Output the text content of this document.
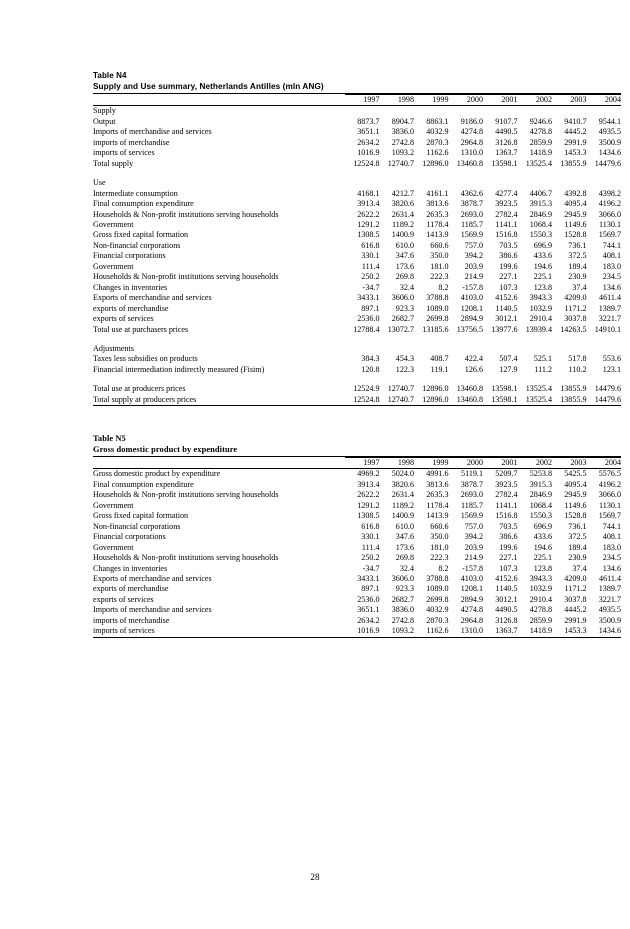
Table N4
Supply and Use summary, Netherlands Antilles (mln ANG)
	1997	1998	1999	2000	2001	2002	2003	2004
Supply								
Output	8873.7	8904.7	8863.1	9186.0	9107.7	9246.6	9410.7	9544.1
Imports of merchandise and services	3651.1	3836.0	4032.9	4274.8	4490.5	4278.8	4445.2	4935.5
imports of merchandise	2634.2	2742.8	2870.3	2964.8	3126.8	2859.9	2991.9	3500.9
imports of services	1016.9	1093.2	1162.6	1310.0	1363.7	1418.9	1453.3	1434.6
Total supply	12524.8	12740.7	12896.0	13460.8	13598.1	13525.4	13855.9	14479.6

Use								
Intermediate consumption	4168.1	4212.7	4161.1	4362.6	4277.4	4406.7	4392.8	4398.2
Final consumption expenditure	3913.4	3820.6	3813.6	3878.7	3923.5	3915.3	4095.4	4196.2
Households & Non-profit institutions serving households	2622.2	2631.4	2635.3	2693.0	2782.4	2846.9	2945.9	3066.0
Government	1291.2	1189.2	1178.4	1185.7	1141.1	1068.4	1149.6	1130.1
Gross fixed capital formation	1308.5	1400.9	1413.9	1569.9	1516.8	1550.3	1528.8	1569.7
Non-financial corporations	616.8	610.0	660.6	757.0	703.5	696.9	736.1	744.1
Financial corporations	330.1	347.6	350.0	394.2	386.6	433.6	372.5	408.1
Government	111.4	173.6	181.0	203.9	199.6	194.6	189.4	183.0
Households & Non-profit institutions serving households	250.2	269.8	222.3	214.9	227.1	225.1	230.9	234.5
Changes in inventories	-34.7	32.4	8.2	-157.8	107.3	123.8	37.4	134.6
Exports of merchandise and services	3433.1	3606.0	3788.8	4103.0	4152.6	3943.3	4209.0	4611.4
exports of merchandise	897.1	923.3	1089.0	1208.1	1140.5	1032.9	1171.2	1389.7
exports of services	2536.0	2682.7	2699.8	2894.9	3012.1	2910.4	3037.8	3221.7
Total use at purchasers prices	12788.4	13072.7	13185.6	13756.5	13977.6	13939.4	14263.5	14910.1

Adjustments								
Taxes less subsidies on products	384.3	454.3	408.7	422.4	507.4	525.1	517.8	553.6
Financial intermediation indirectly measured (Fisim)	120.8	122.3	119.1	126.6	127.9	111.2	110.2	123.1

Total use at producers prices	12524.9	12740.7	12896.0	13460.8	13598.1	13525.4	13855.9	14479.6
Total supply at producers prices	12524.8	12740.7	12896.0	13460.8	13598.1	13525.4	13855.9	14479.6
Table N5
Gross domestic product by expenditure
	1997	1998	1999	2000	2001	2002	2003	2004
Gross domestic product by expenditure	4969.2	5024.0	4991.6	5119.1	5209.7	5253.8	5425.5	5576.5
Final consumption expenditure	3913.4	3820.6	3813.6	3878.7	3923.5	3915.3	4095.4	4196.2
Households & Non-profit institutions serving households	2622.2	2631.4	2635.3	2693.0	2782.4	2846.9	2945.9	3066.0
Government	1291.2	1189.2	1178.4	1185.7	1141.1	1068.4	1149.6	1130.1
Gross fixed capital formation	1308.5	1400.9	1413.9	1569.9	1516.8	1550.3	1528.8	1569.7
Non-financial corporations	616.8	610.0	660.6	757.0	703.5	696.9	736.1	744.1
Financial corporations	330.1	347.6	350.0	394.2	386.6	433.6	372.5	408.1
Government	111.4	173.6	181.0	203.9	199.6	194.6	189.4	183.0
Households & Non-profit institutions serving households	250.2	269.8	222.3	214.9	227.1	225.1	230.9	234.5
Changes in inventories	-34.7	32.4	8.2	-157.8	107.3	123.8	37.4	134.6
Exports of merchandise and services	3433.1	3606.0	3788.8	4103.0	4152.6	3943.3	4209.0	4611.4
exports of merchandise	897.1	923.3	1089.0	1208.1	1140.5	1032.9	1171.2	1389.7
exports of services	2536.0	2682.7	2699.8	2894.9	3012.1	2910.4	3037.8	3221.7
Imports of merchandise and services	3651.1	3836.0	4032.9	4274.8	4490.5	4278.8	4445.2	4935.5
imports of merchandise	2634.2	2742.8	2870.3	2964.8	3126.8	2859.9	2991.9	3500.9
imports of services	1016.9	1093.2	1162.6	1310.0	1363.7	1418.9	1453.3	1434.6
28
